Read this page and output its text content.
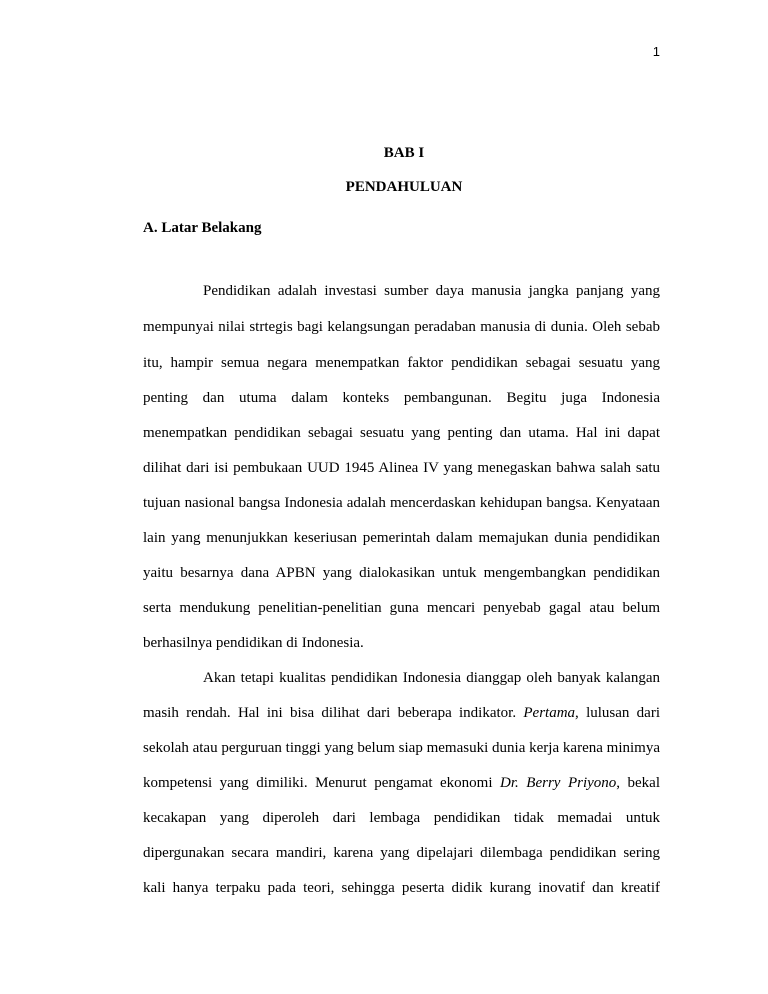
1
BAB I
PENDAHULUAN
A. Latar Belakang
Pendidikan adalah investasi sumber daya manusia jangka panjang yang
mempunyai nilai strtegis bagi kelangsungan peradaban manusia di dunia. Oleh sebab
itu, hampir semua negara menempatkan faktor pendidikan sebagai sesuatu yang
penting dan utuma dalam konteks pembangunan. Begitu juga Indonesia
menempatkan pendidikan sebagai sesuatu yang penting dan utama. Hal ini dapat
dilihat dari isi pembukaan UUD 1945 Alinea IV yang menegaskan bahwa salah satu
tujuan nasional bangsa Indonesia adalah mencerdaskan kehidupan bangsa. Kenyataan
lain yang menunjukkan keseriusan pemerintah dalam memajukan dunia pendidikan
yaitu besarnya dana APBN yang dialokasikan untuk mengembangkan pendidikan
serta mendukung penelitian-penelitian guna mencari penyebab gagal atau belum
berhasilnya pendidikan di Indonesia.
Akan tetapi kualitas pendidikan Indonesia dianggap oleh banyak kalangan
masih rendah. Hal ini bisa dilihat dari beberapa indikator. Pertama, lulusan dari
sekolah atau perguruan tinggi yang belum siap memasuki dunia kerja karena minimya
kompetensi yang dimiliki. Menurut pengamat ekonomi Dr. Berry Priyono, bekal
kecakapan yang diperoleh dari lembaga pendidikan tidak memadai untuk
dipergunakan secara mandiri, karena yang dipelajari dilembaga pendidikan sering
kali hanya terpaku pada teori, sehingga peserta didik kurang inovatif dan kreatif
